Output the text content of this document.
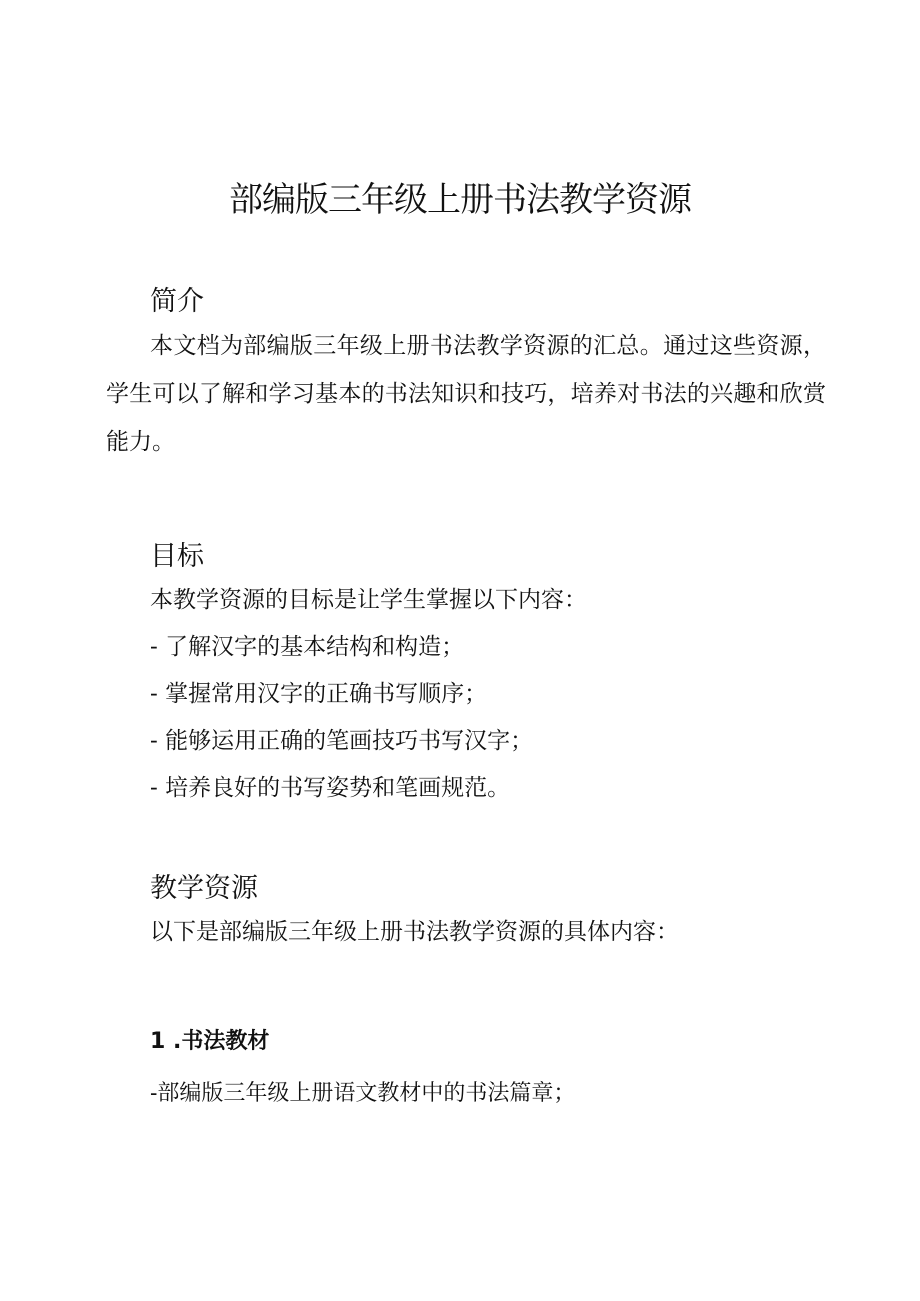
部编版三年级上册书法教学资源
简介

本文档为部编版三年级上册书法教学资源的汇总。通过这些资源，学生可以了解和学习基本的书法知识和技巧，培养对书法的兴趣和欣赏能力。

目标
本教学资源的目标是让学生掌握以下内容：
- 了解汉字的基本结构和构造；
- 掌握常用汉字的正确书写顺序；
- 能够运用正确的笔画技巧书写汉字；
- 培养良好的书写姿势和笔画规范。
教学资源
以下是部编版三年级上册书法教学资源的具体内容：
1 .书法教材
-部编版三年级上册语文教材中的书法篇章；
